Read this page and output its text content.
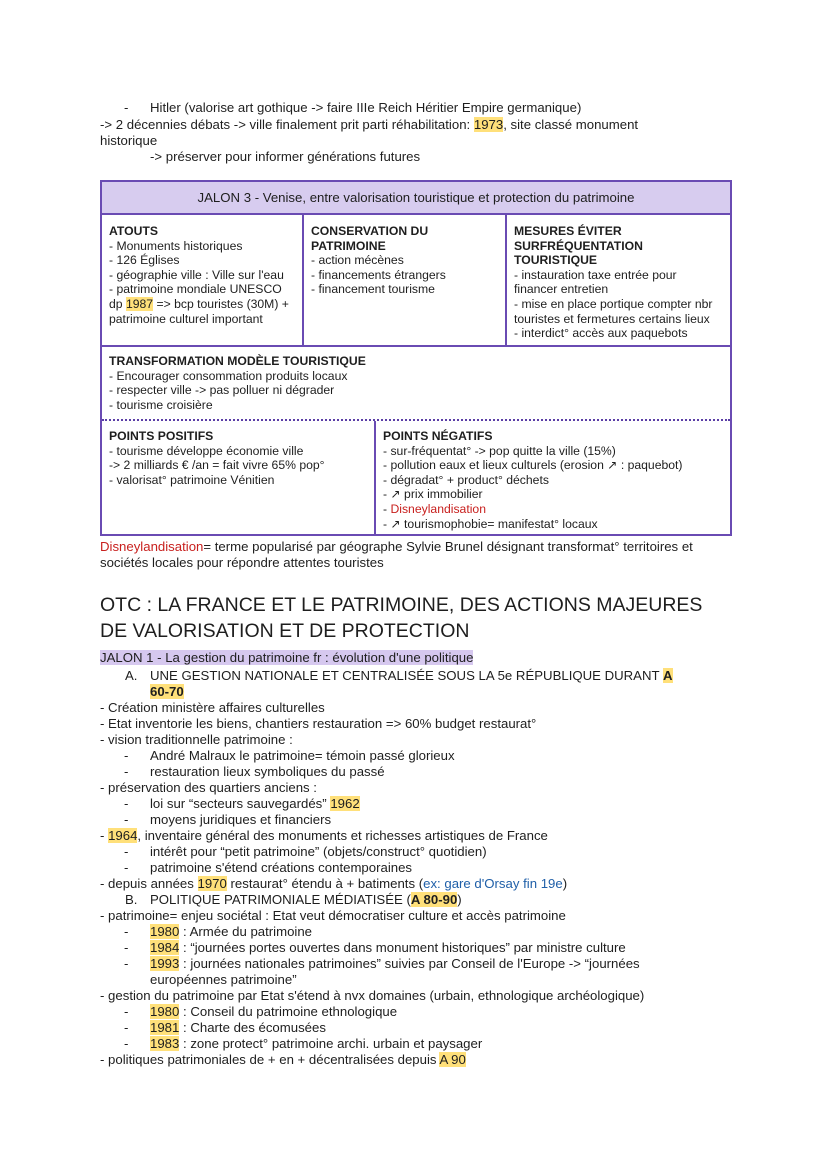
- Hitler (valorise art gothique -> faire IIIe Reich Héritier Empire germanique)
-> 2 décennies débats -> ville finalement prit parti réhabilitation: 1973, site classé monument
historique
-> préserver pour informer générations futures
JALON 3 - Venise, entre valorisation touristique et protection du patrimoine
ATOUTS
- Monuments historiques
- 126 Églises
- géographie ville : Ville sur l'eau
- patrimoine mondiale UNESCO
dp 1987 => bcp touristes (30M) +
patrimoine culturel important
CONSERVATION DU
PATRIMOINE
- action mécènes
- financements étrangers
- financement tourisme
MESURES ÉVITER
SURFRÉQUENTATION
TOURISTIQUE
- instauration taxe entrée pour
financer entretien
- mise en place portique compter nbr
touristes et fermetures certains lieux
- interdict° accès aux paquebots
TRANSFORMATION MODÈLE TOURISTIQUE
- Encourager consommation produits locaux
- respecter ville -> pas polluer ni dégrader
- tourisme croisière
POINTS POSITIFS
- tourisme développe économie ville
-> 2 milliards € /an = fait vivre 65% pop°
- valorisat° patrimoine Vénitien
POINTS NÉGATIFS
- sur-fréquentat° -> pop quitte la ville (15%)
- pollution eaux et lieux culturels (erosion ↗ : paquebot)
- dégradat° + product° déchets
- ↗ prix immobilier
- Disneylandisation
- ↗ tourismophobie= manifestat° locaux
Disneylandisation= terme popularisé par géographe Sylvie Brunel désignant transformat° territoires et
sociétés locales pour répondre attentes touristes
OTC : LA FRANCE ET LE PATRIMOINE, DES ACTIONS MAJEURES
DE VALORISATION ET DE PROTECTION
JALON 1 - La gestion du patrimoine fr : évolution d'une politique
A. UNE GESTION NATIONALE ET CENTRALISÉE SOUS LA 5e RÉPUBLIQUE DURANT A
60-70
- Création ministère affaires culturelles
- Etat inventorie les biens, chantiers restauration => 60% budget restaurat°
- vision traditionnelle patrimoine :
- André Malraux le patrimoine= témoin passé glorieux
- restauration lieux symboliques du passé
- préservation des quartiers anciens :
- loi sur “secteurs sauvegardés” 1962
- moyens juridiques et financiers
- 1964, inventaire général des monuments et richesses artistiques de France
- intérêt pour “petit patrimoine” (objets/construct° quotidien)
- patrimoine s'étend créations contemporaines
- depuis années 1970 restaurat° étendu à + batiments (ex: gare d'Orsay fin 19e)
B. POLITIQUE PATRIMONIALE MÉDIATISÉE (A 80-90)
- patrimoine= enjeu sociétal : Etat veut démocratiser culture et accès patrimoine
- 1980 : Armée du patrimoine
- 1984 : “journées portes ouvertes dans monument historiques” par ministre culture
- 1993 : journées nationales patrimoines” suivies par Conseil de l'Europe -> “journées
européennes patrimoine”
- gestion du patrimoine par Etat s'étend à nvx domaines (urbain, ethnologique archéologique)
- 1980 : Conseil du patrimoine ethnologique
- 1981 : Charte des écomusées
- 1983 : zone protect° patrimoine archi. urbain et paysager
- politiques patrimoniales de + en + décentralisées depuis A 90
